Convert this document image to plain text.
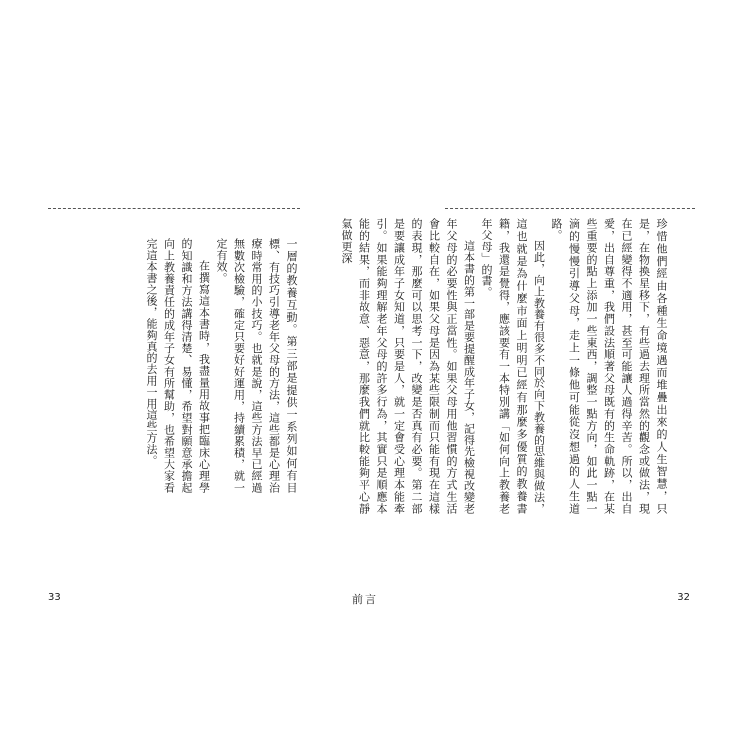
一層的教養互動。第三部是提供一系列如何有目標、有技巧引導老年父母的方法，這些都是心理治療時常用的小技巧。也就是說，這些方法早已經過無數次檢驗，確定只要好好運用，持續累積，就一定有效。

在撰寫這本書時，我盡量用故事把臨床心理學的知識和方法講得清楚、易懂，希望對願意承擔起向上教養責任的成年子女有所幫助，也希望大家看完這本書之後，能夠真的去用一用這些方法。

33	前言

珍惜他們經由各種生命境遇而堆疊出來的人生智慧，只是，在物換星移下，有些過去理所當然的觀念或做法，現在已經變得不適用，甚至可能讓人過得辛苦。所以，出自愛，出自尊重，我們設法順著父母既有的生命軌跡，在某些重要的點上添加一些東西，調整一點方向，如此一點一滴的慢慢引導父母，走上一條他可能從沒想過的人生道路。

因此，向上教養有很多不同於向下教養的思維與做法，這也就是為什麼市面上明明已經有那麼多優質的教養書籍，我還是覺得，應該要有一本特別講「如何向上教養老年父母」的書。

這本書的第一部是要提醒成年子女，記得先檢視改變老年父母的必要性與正當性。如果父母用他習慣的方式生活會比較自在，如果父母是因為某些限制而只能有現在這樣的表現，那麼可以思考一下，改變是否真有必要。第二部是要讓成年子女知道，只要是人，就一定會受心理本能牽引。如果能夠理解老年父母的許多行為，其實只是順應本能的結果，而非故意、惡意，那麼我們就比較能夠平心靜氣做更深

32
